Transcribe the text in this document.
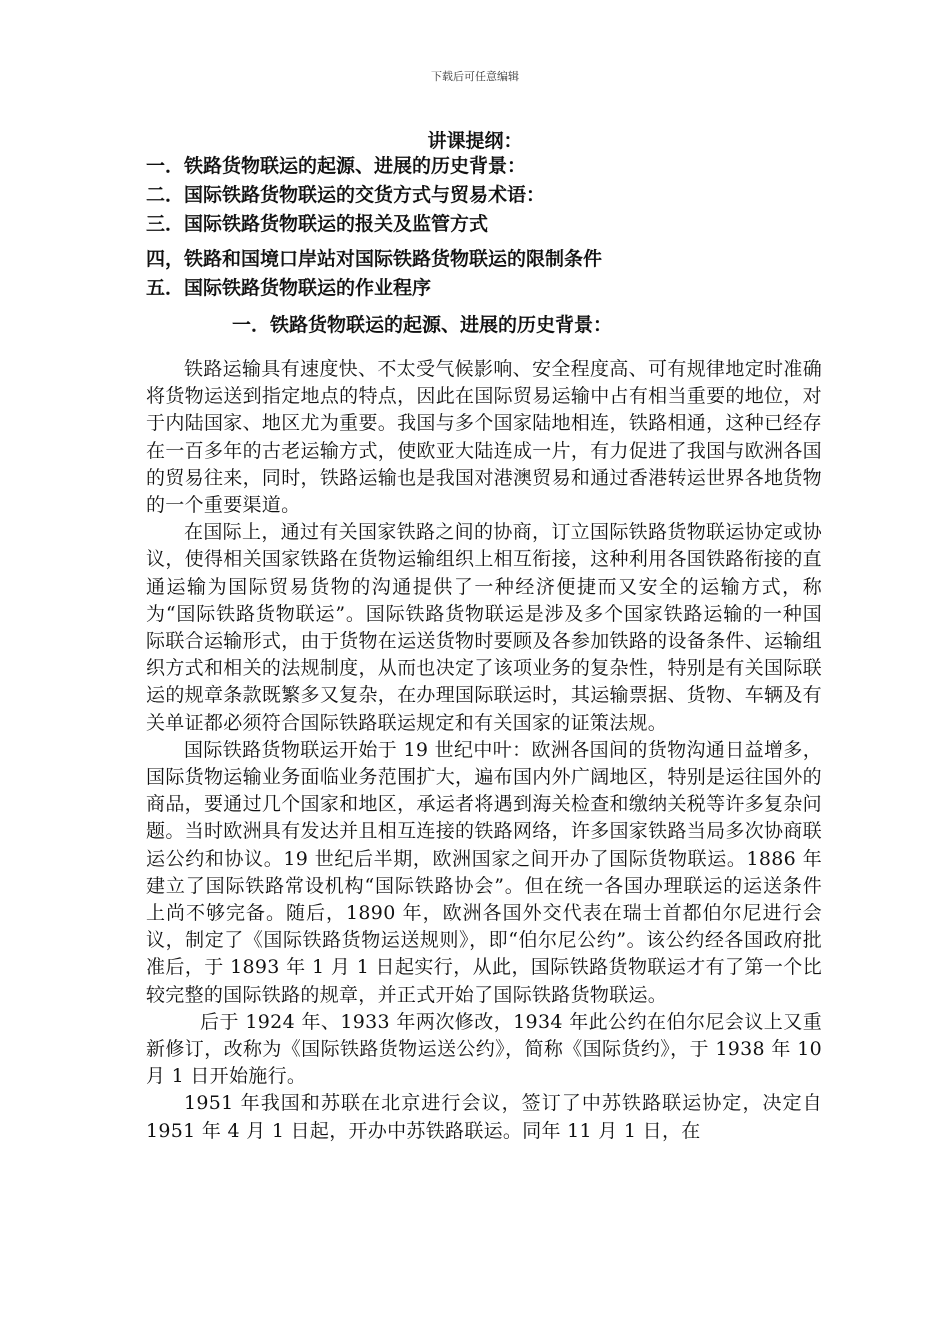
下载后可任意编辑
讲课提纲：
一．铁路货物联运的起源、进展的历史背景：
二．国际铁路货物联运的交货方式与贸易术语：
三．国际铁路货物联运的报关及监管方式
四，铁路和国境口岸站对国际铁路货物联运的限制条件
五．国际铁路货物联运的作业程序
一．铁路货物联运的起源、进展的历史背景：

铁路运输具有速度快、不太受气候影响、安全程度高、可有规律地定时准确将货物运送到指定地点的特点，因此在国际贸易运输中占有相当重要的地位，对于内陆国家、地区尤为重要。我国与多个国家陆地相连，铁路相通，这种已经存在一百多年的古老运输方式，使欧亚大陆连成一片，有力促进了我国与欧洲各国的贸易往来，同时，铁路运输也是我国对港澳贸易和通过香港转运世界各地货物的一个重要渠道。

在国际上，通过有关国家铁路之间的协商，订立国际铁路货物联运协定或协议，使得相关国家铁路在货物运输组织上相互衔接，这种利用各国铁路衔接的直通运输为国际贸易货物的沟通提供了一种经济便捷而又安全的运输方式，称为“国际铁路货物联运”。国际铁路货物联运是涉及多个国家铁路运输的一种国际联合运输形式，由于货物在运送货物时要顾及各参加铁路的设备条件、运输组织方式和相关的法规制度，从而也决定了该项业务的复杂性，特别是有关国际联运的规章条款既繁多又复杂，在办理国际联运时，其运输票据、货物、车辆及有关单证都必须符合国际铁路联运规定和有关国家的证策法规。

国际铁路货物联运开始于 19 世纪中叶：欧洲各国间的货物沟通日益增多，国际货物运输业务面临业务范围扩大，遍布国内外广阔地区，特别是运往国外的商品，要通过几个国家和地区，承运者将遇到海关检查和缴纳关税等许多复杂问题。当时欧洲具有发达并且相互连接的铁路网络，许多国家铁路当局多次协商联运公约和协议。19 世纪后半期，欧洲国家之间开办了国际货物联运。1886 年建立了国际铁路常设机构“国际铁路协会”。但在统一各国办理联运的运送条件上尚不够完备。随后，1890 年，欧洲各国外交代表在瑞士首都伯尔尼进行会议，制定了《国际铁路货物运送规则》，即“伯尔尼公约”。该公约经各国政府批准后，于 1893 年 1 月 1 日起实行，从此，国际铁路货物联运才有了第一个比较完整的国际铁路的规章，并正式开始了国际铁路货物联运。

后于 1924 年、1933 年两次修改，1934 年此公约在伯尔尼会议上又重新修订，改称为《国际铁路货物运送公约》，简称《国际货约》，于 1938 年 10 月 1 日开始施行。

1951 年我国和苏联在北京进行会议，签订了中苏铁路联运协定，决定自 1951 年 4 月 1 日起，开办中苏铁路联运。同年 11 月 1 日，在
